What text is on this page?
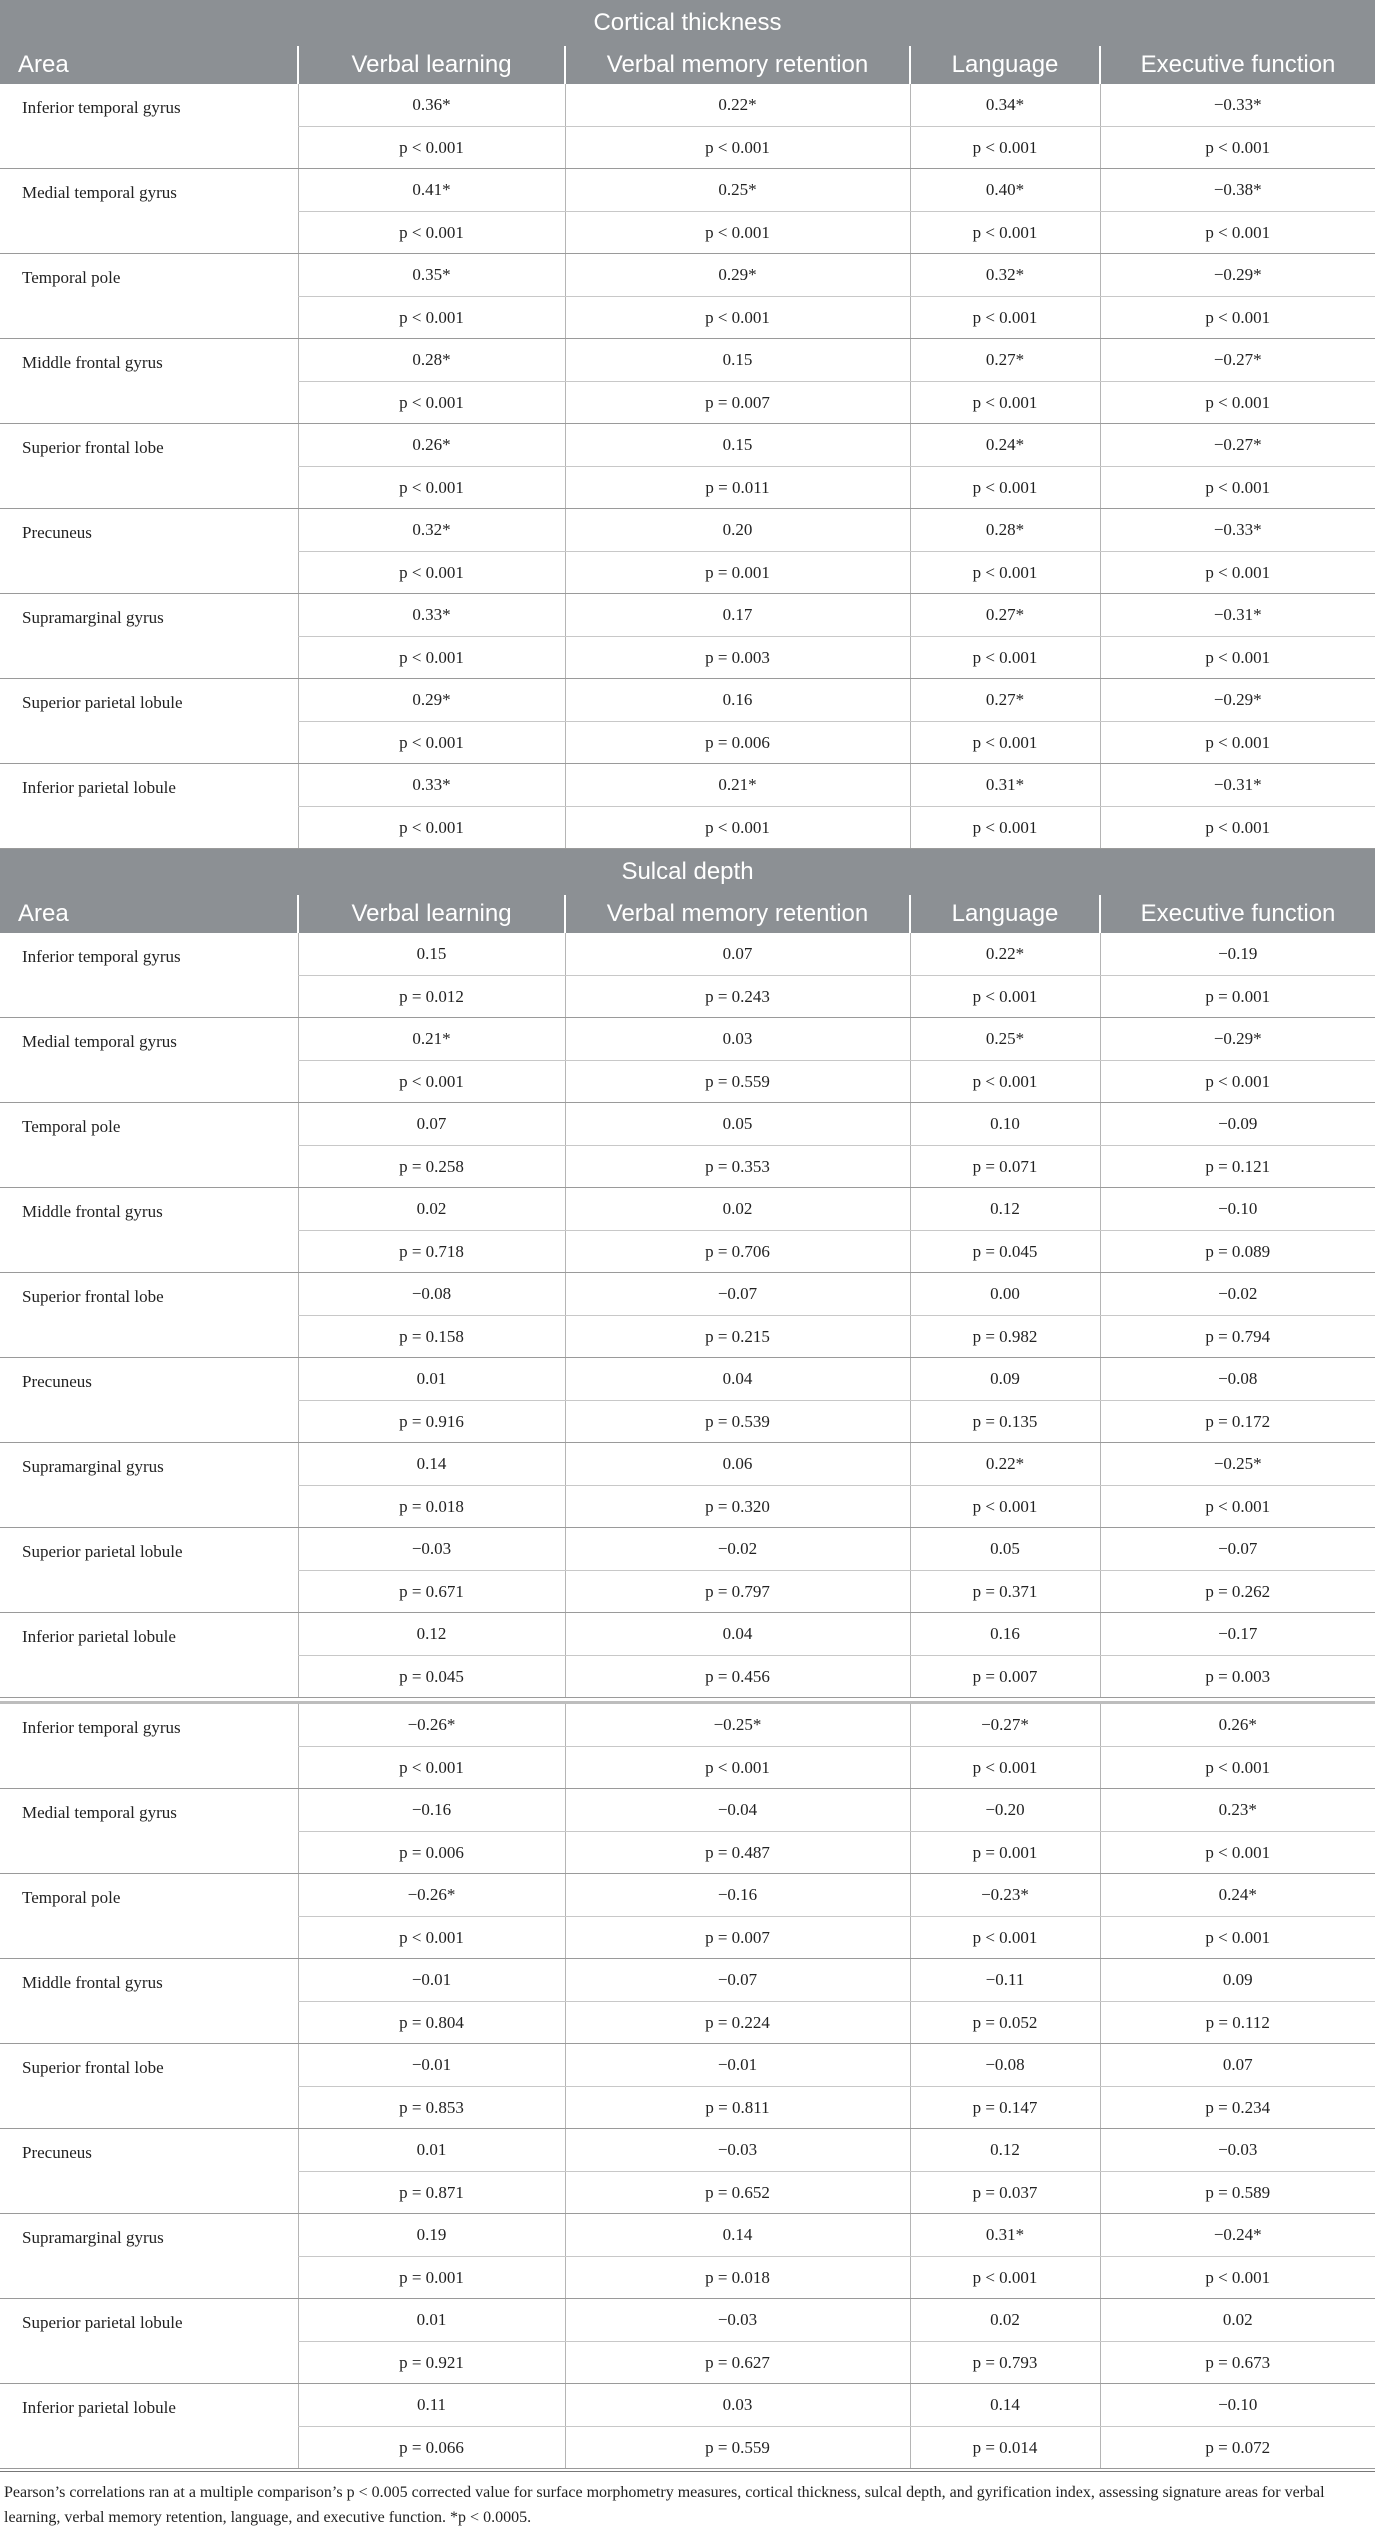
Cortical thickness				
Area	Verbal learning	Verbal memory retention	Language	Executive function
Inferior temporal gyrus	0.36*	0.22*	0.34*	−0.33*
	p < 0.001	p < 0.001	p < 0.001	p < 0.001
Medial temporal gyrus	0.41*	0.25*	0.40*	−0.38*
	p < 0.001	p < 0.001	p < 0.001	p < 0.001
Temporal pole	0.35*	0.29*	0.32*	−0.29*
	p < 0.001	p < 0.001	p < 0.001	p < 0.001
Middle frontal gyrus	0.28*	0.15	0.27*	−0.27*
	p < 0.001	p = 0.007	p < 0.001	p < 0.001
Superior frontal lobe	0.26*	0.15	0.24*	−0.27*
	p < 0.001	p = 0.011	p < 0.001	p < 0.001
Precuneus	0.32*	0.20	0.28*	−0.33*
	p < 0.001	p = 0.001	p < 0.001	p < 0.001
Supramarginal gyrus	0.33*	0.17	0.27*	−0.31*
	p < 0.001	p = 0.003	p < 0.001	p < 0.001
Superior parietal lobule	0.29*	0.16	0.27*	−0.29*
	p < 0.001	p = 0.006	p < 0.001	p < 0.001
Inferior parietal lobule	0.33*	0.21*	0.31*	−0.31*
	p < 0.001	p < 0.001	p < 0.001	p < 0.001
Sulcal depth				
Area	Verbal learning	Verbal memory retention	Language	Executive function
Inferior temporal gyrus	0.15	0.07	0.22*	−0.19
	p = 0.012	p = 0.243	p < 0.001	p = 0.001
Medial temporal gyrus	0.21*	0.03	0.25*	−0.29*
	p < 0.001	p = 0.559	p < 0.001	p < 0.001
Temporal pole	0.07	0.05	0.10	−0.09
	p = 0.258	p = 0.353	p = 0.071	p = 0.121
Middle frontal gyrus	0.02	0.02	0.12	−0.10
	p = 0.718	p = 0.706	p = 0.045	p = 0.089
Superior frontal lobe	−0.08	−0.07	0.00	−0.02
	p = 0.158	p = 0.215	p = 0.982	p = 0.794
Precuneus	0.01	0.04	0.09	−0.08
	p = 0.916	p = 0.539	p = 0.135	p = 0.172
Supramarginal gyrus	0.14	0.06	0.22*	−0.25*
	p = 0.018	p = 0.320	p < 0.001	p < 0.001
Superior parietal lobule	−0.03	−0.02	0.05	−0.07
	p = 0.671	p = 0.797	p = 0.371	p = 0.262
Inferior parietal lobule	0.12	0.04	0.16	−0.17
	p = 0.045	p = 0.456	p = 0.007	p = 0.003

Inferior temporal gyrus	−0.26*	−0.25*	−0.27*	0.26*
	p < 0.001	p < 0.001	p < 0.001	p < 0.001
Medial temporal gyrus	−0.16	−0.04	−0.20	0.23*
	p = 0.006	p = 0.487	p = 0.001	p < 0.001
Temporal pole	−0.26*	−0.16	−0.23*	0.24*
	p < 0.001	p = 0.007	p < 0.001	p < 0.001
Middle frontal gyrus	−0.01	−0.07	−0.11	0.09
	p = 0.804	p = 0.224	p = 0.052	p = 0.112
Superior frontal lobe	−0.01	−0.01	−0.08	0.07
	p = 0.853	p = 0.811	p = 0.147	p = 0.234
Precuneus	0.01	−0.03	0.12	−0.03
	p = 0.871	p = 0.652	p = 0.037	p = 0.589
Supramarginal gyrus	0.19	0.14	0.31*	−0.24*
	p = 0.001	p = 0.018	p < 0.001	p < 0.001
Superior parietal lobule	0.01	−0.03	0.02	0.02
	p = 0.921	p = 0.627	p = 0.793	p = 0.673
Inferior parietal lobule	0.11	0.03	0.14	−0.10
	p = 0.066	p = 0.559	p = 0.014	p = 0.072
Pearson’s correlations ran at a multiple comparison’s p < 0.005 corrected value for surface morphometry measures, cortical thickness, sulcal depth, and gyrification index, assessing signature areas for verbal learning, verbal memory retention, language, and executive function. *p < 0.0005.
